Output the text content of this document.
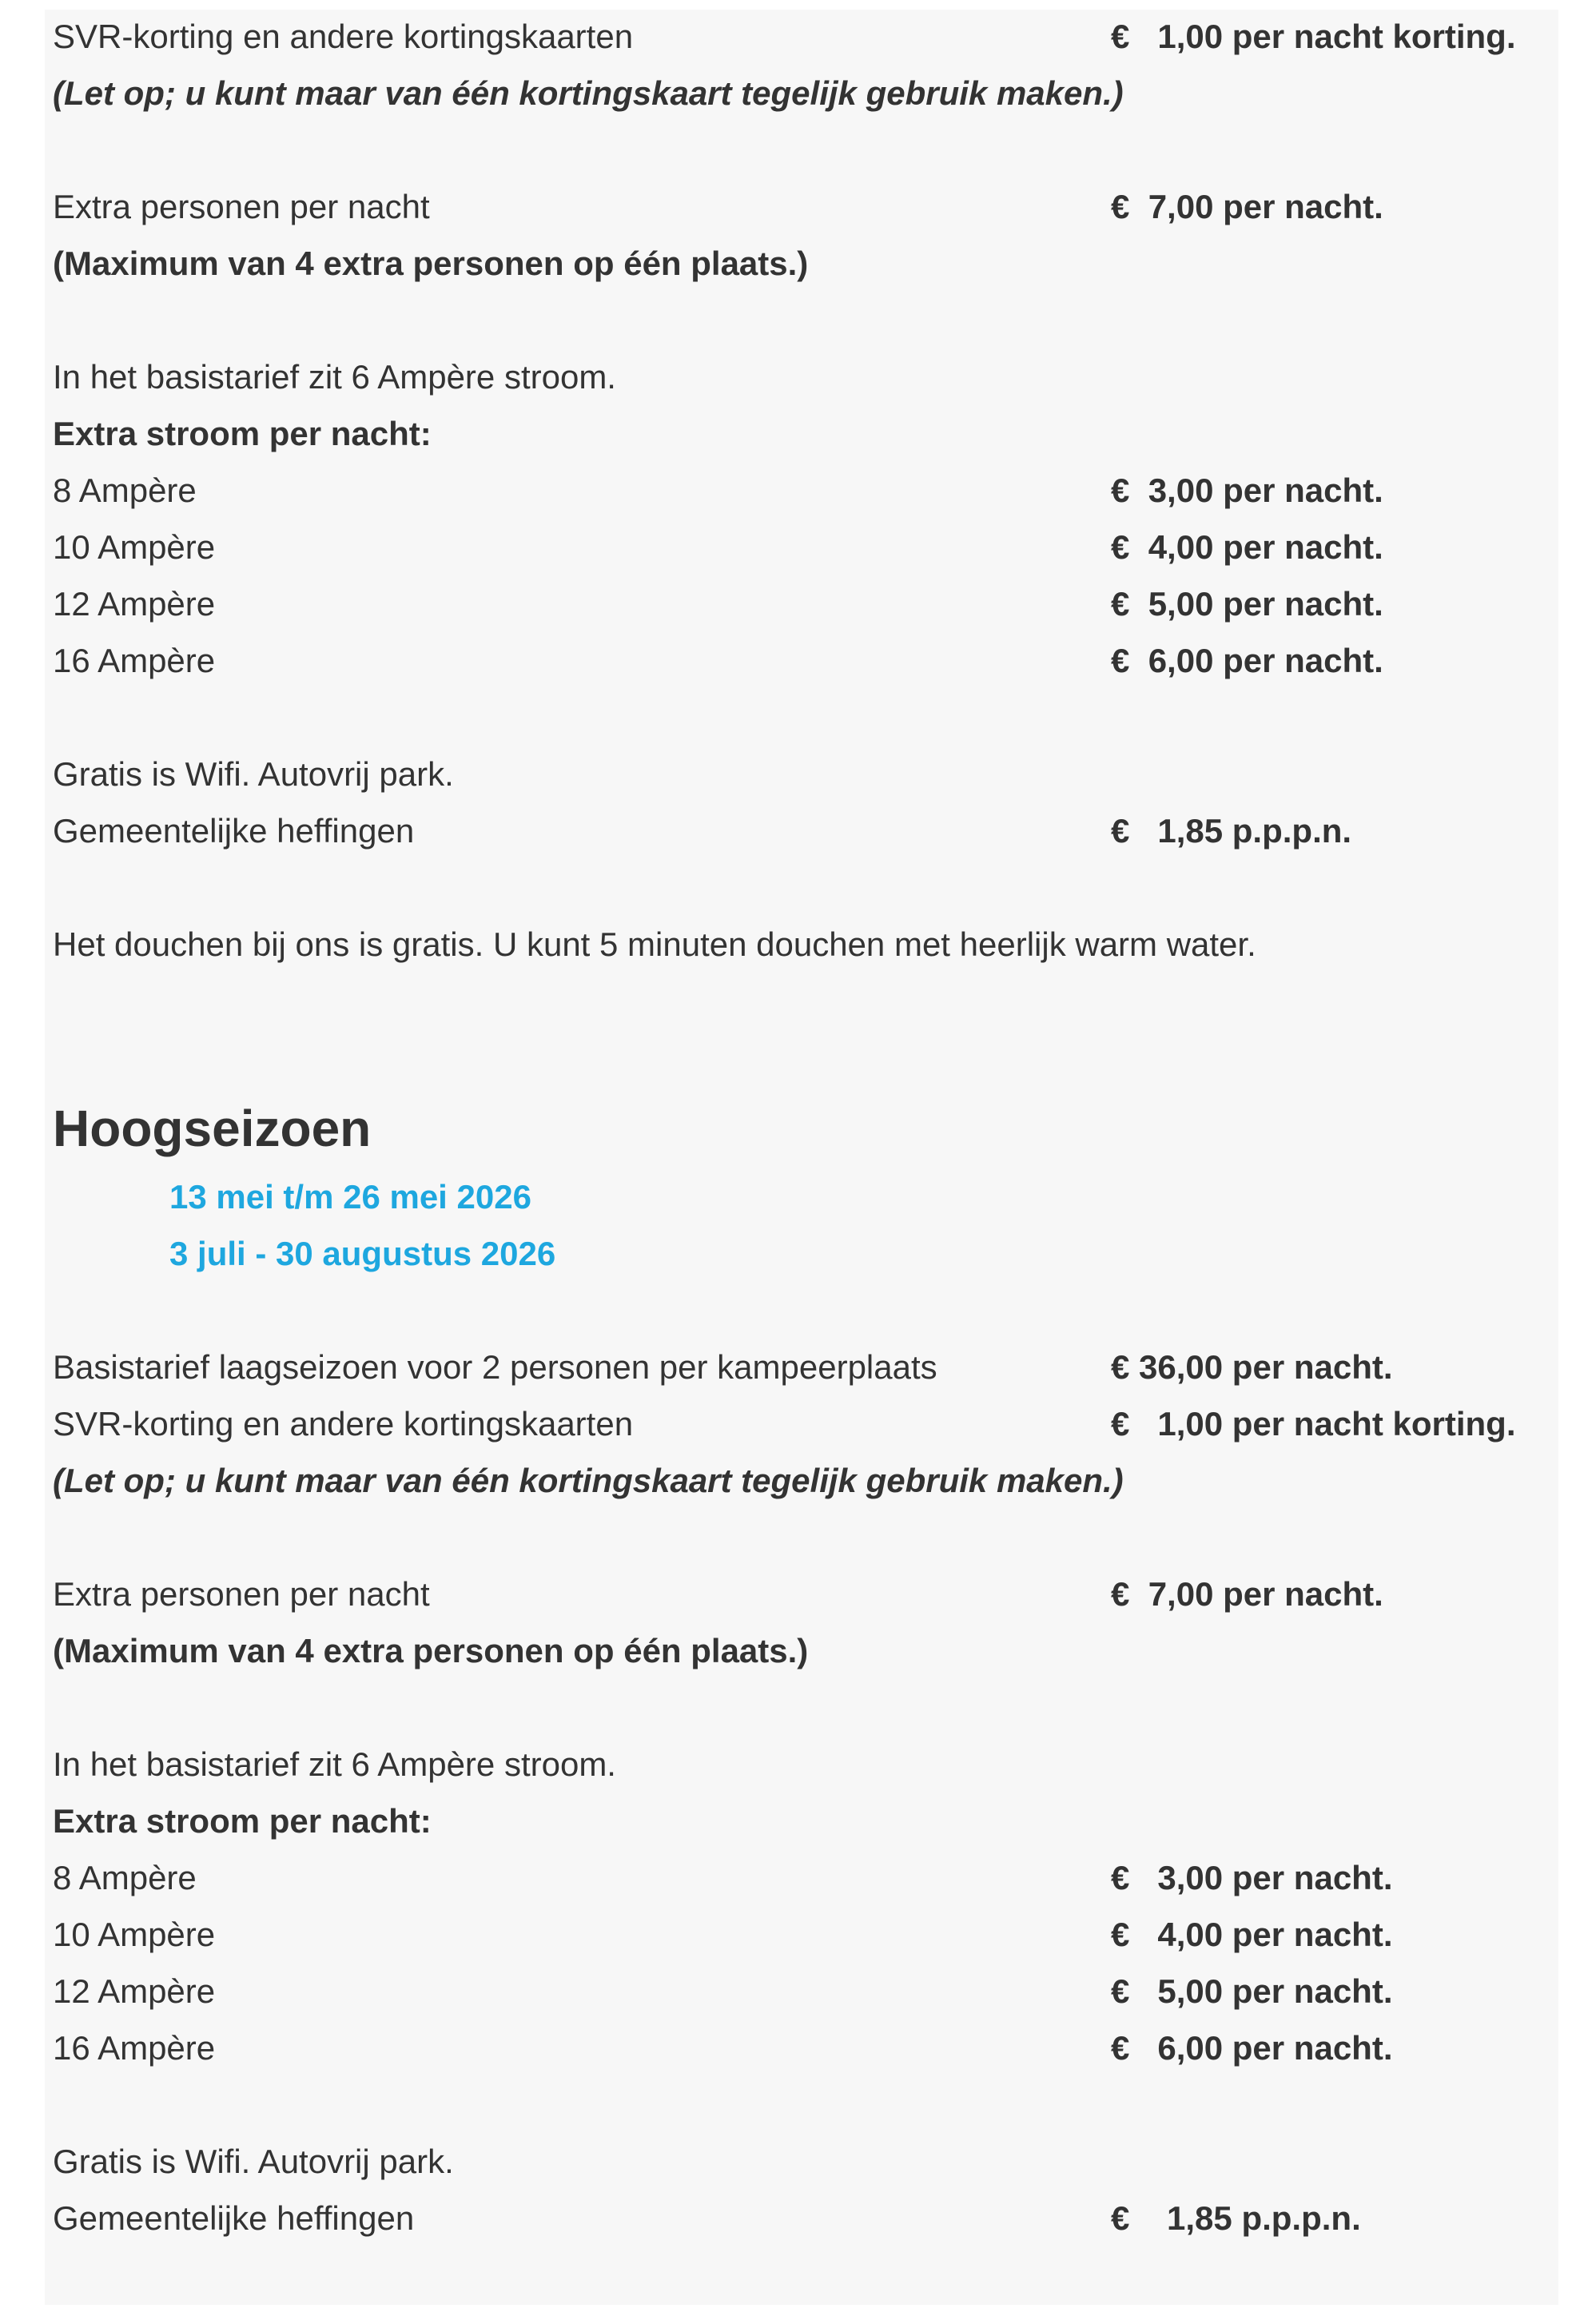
SVR-korting en andere kortingskaarten	€   1,00 per nacht korting.
(Let op; u kunt maar van één kortingskaart tegelijk gebruik maken.)
Extra personen per nacht	€  7,00 per nacht.
(Maximum van 4 extra personen op één plaats.)
In het basistarief zit 6 Ampère stroom.
Extra stroom per nacht:
8 Ampère	€  3,00 per nacht.
10 Ampère	€  4,00 per nacht.
12 Ampère	€  5,00 per nacht.
16 Ampère	€  6,00 per nacht.
Gratis is Wifi. Autovrij park.
Gemeentelijke heffingen	€   1,85 p.p.p.n.
Het douchen bij ons is gratis. U kunt 5 minuten douchen met heerlijk warm water.
Hoogseizoen
13 mei t/m 26 mei 2026
3 juli - 30 augustus 2026
Basistarief laagseizoen voor 2 personen per kampeerplaats	€ 36,00 per nacht.
SVR-korting en andere kortingskaarten	€   1,00 per nacht korting.
(Let op; u kunt maar van één kortingskaart tegelijk gebruik maken.)
Extra personen per nacht	€  7,00 per nacht.
(Maximum van 4 extra personen op één plaats.)
In het basistarief zit 6 Ampère stroom.
Extra stroom per nacht:
8 Ampère	€   3,00 per nacht.
10 Ampère	€   4,00 per nacht.
12 Ampère	€   5,00 per nacht.
16 Ampère	€   6,00 per nacht.
Gratis is Wifi. Autovrij park.
Gemeentelijke heffingen	€    1,85 p.p.p.n.
